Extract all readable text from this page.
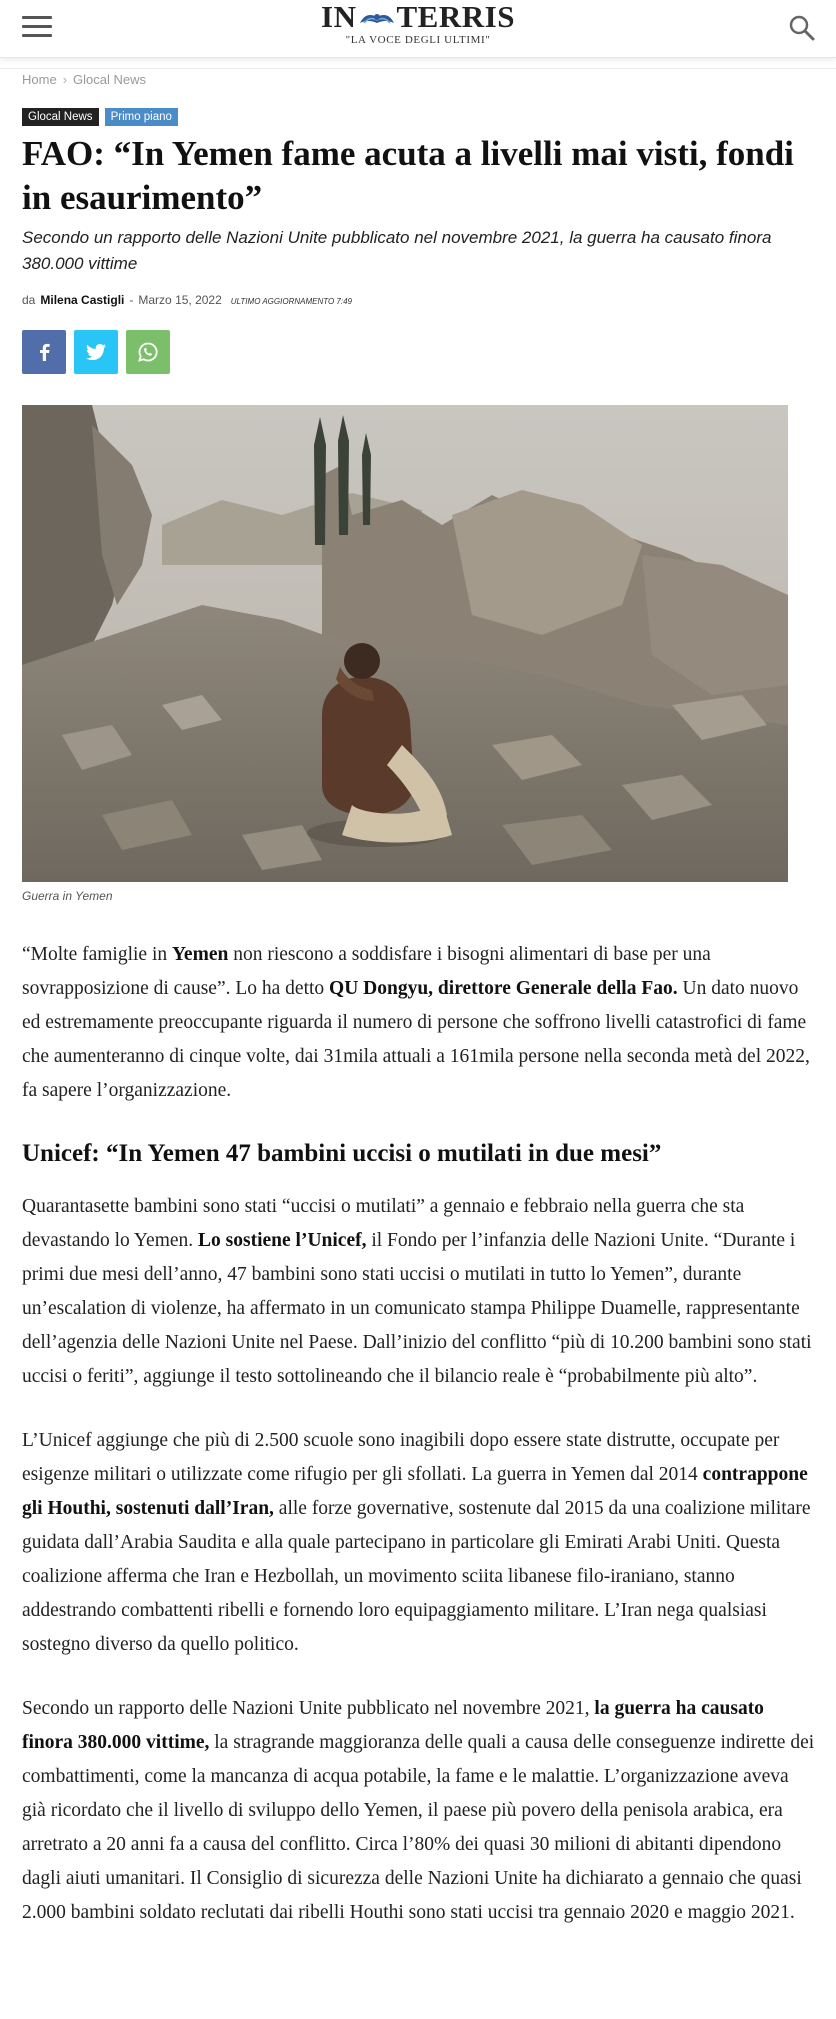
IN TERRIS
"LA VOCE DEGLI ULTIMI"
Home › Glocal News
Glocal News	Primo piano
FAO: “In Yemen fame acuta a livelli mai visti, fondi in esaurimento”
Secondo un rapporto delle Nazioni Unite pubblicato nel novembre 2021, la guerra ha causato finora 380.000 vittime
da Milena Castigli - Marzo 15, 2022 ULTIMO AGGIORNAMENTO 7:49
Guerra in Yemen

“Molte famiglie in Yemen non riescono a soddisfare i bisogni alimentari di base per una sovrapposizione di cause”. Lo ha detto QU Dongyu, direttore Generale della Fao. Un dato nuovo ed estremamente preoccupante riguarda il numero di persone che soffrono livelli catastrofici di fame che aumenteranno di cinque volte, dai 31mila attuali a 161mila persone nella seconda metà del 2022, fa sapere l’organizzazione.

Unicef: “In Yemen 47 bambini uccisi o mutilati in due mesi”

Quarantasette bambini sono stati “uccisi o mutilati” a gennaio e febbraio nella guerra che sta devastando lo Yemen. Lo sostiene l’Unicef, il Fondo per l’infanzia delle Nazioni Unite. “Durante i primi due mesi dell’anno, 47 bambini sono stati uccisi o mutilati in tutto lo Yemen”, durante un’escalation di violenze, ha affermato in un comunicato stampa Philippe Duamelle, rappresentante dell’agenzia delle Nazioni Unite nel Paese. Dall’inizio del conflitto “più di 10.200 bambini sono stati uccisi o feriti”, aggiunge il testo sottolineando che il bilancio reale è “probabilmente più alto”.

L’Unicef aggiunge che più di 2.500 scuole sono inagibili dopo essere state distrutte, occupate per esigenze militari o utilizzate come rifugio per gli sfollati. La guerra in Yemen dal 2014 contrappone gli Houthi, sostenuti dall’Iran, alle forze governative, sostenute dal 2015 da una coalizione militare guidata dall’Arabia Saudita e alla quale partecipano in particolare gli Emirati Arabi Uniti. Questa coalizione afferma che Iran e Hezbollah, un movimento sciita libanese filo-iraniano, stanno addestrando combattenti ribelli e fornendo loro equipaggiamento militare. L’Iran nega qualsiasi sostegno diverso da quello politico.

Secondo un rapporto delle Nazioni Unite pubblicato nel novembre 2021, la guerra ha causato finora 380.000 vittime, la stragrande maggioranza delle quali a causa delle conseguenze indirette dei combattimenti, come la mancanza di acqua potabile, la fame e le malattie. L’organizzazione aveva già ricordato che il livello di sviluppo dello Yemen, il paese più povero della penisola arabica, era arretrato a 20 anni fa a causa del conflitto. Circa l’80% dei quasi 30 milioni di abitanti dipendono dagli aiuti umanitari. Il Consiglio di sicurezza delle Nazioni Unite ha dichiarato a gennaio che quasi 2.000 bambini soldato reclutati dai ribelli Houthi sono stati uccisi tra gennaio 2020 e maggio 2021.
